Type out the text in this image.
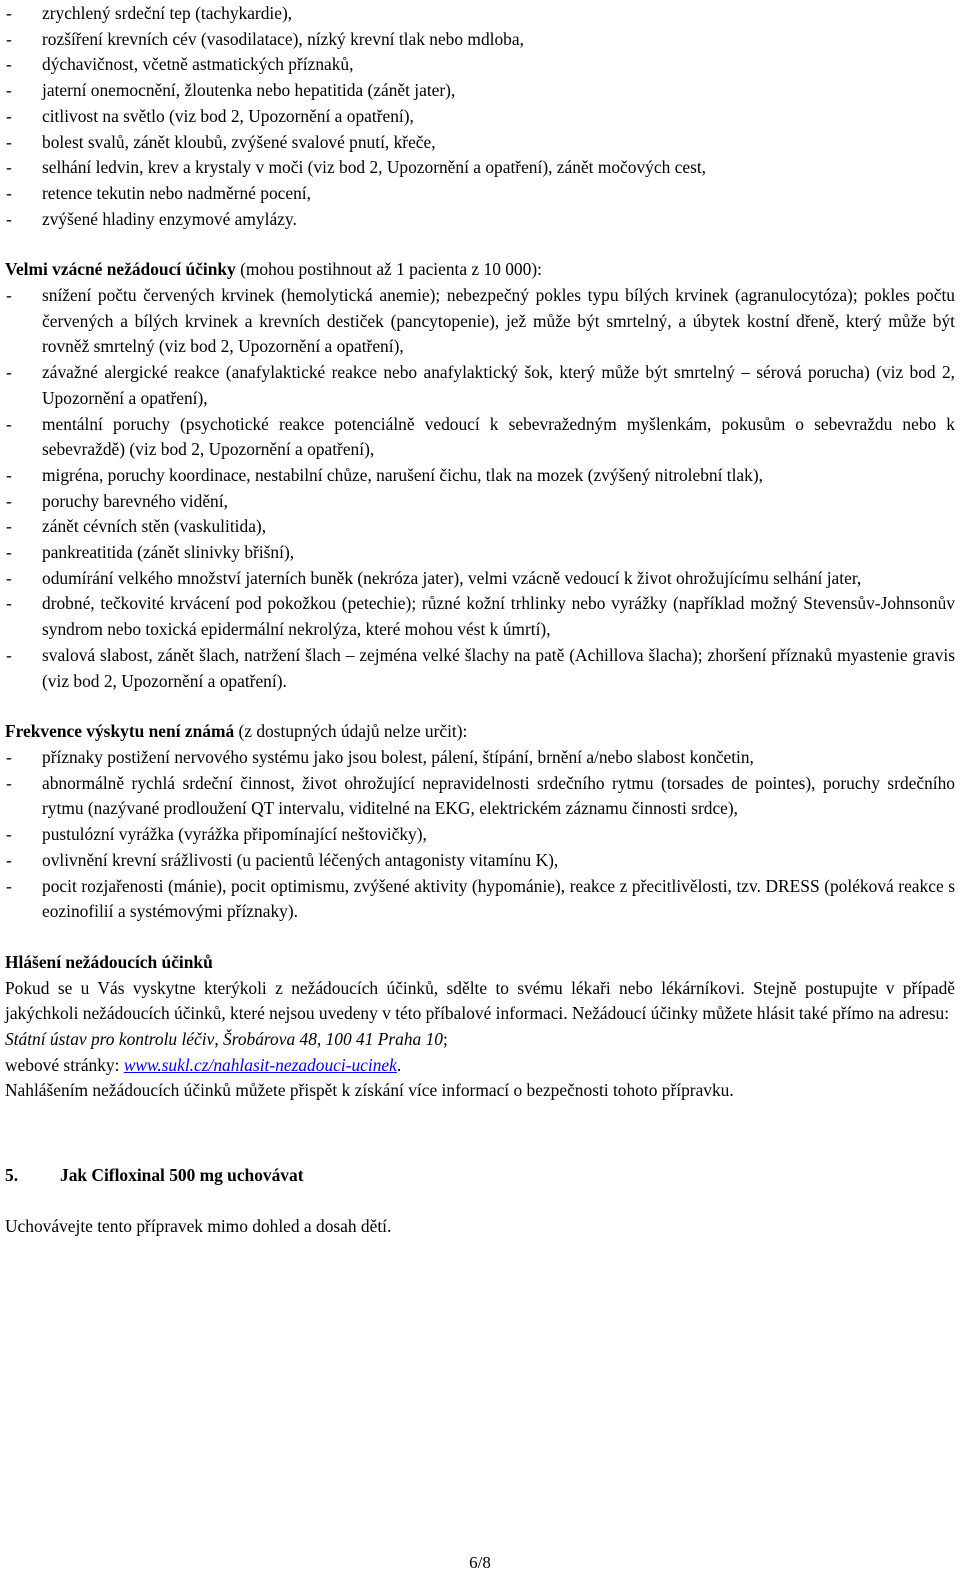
- zrychlený srdeční tep (tachykardie),
- rozšíření krevních cév (vasodilatace), nízký krevní tlak nebo mdloba,
- dýchavičnost, včetně astmatických příznaků,
- jaterní onemocnění, žloutenka nebo hepatitida (zánět jater),
- citlivost na světlo (viz bod 2, Upozornění a opatření),
- bolest svalů, zánět kloubů, zvýšené svalové pnutí, křeče,
- selhání ledvin, krev a krystaly v moči (viz bod 2, Upozornění a opatření), zánět močových cest,
- retence tekutin nebo nadměrné pocení,
- zvýšené hladiny enzymové amylázy.

Velmi vzácné nežádoucí účinky (mohou postihnout až 1 pacienta z 10 000):

- snížení počtu červených krvinek (hemolytická anemie); nebezpečný pokles typu bílých krvinek (agranulocytóza); pokles počtu červených a bílých krvinek a krevních destiček (pancytopenie), jež může být smrtelný, a úbytek kostní dřeně, který může být rovněž smrtelný (viz bod 2, Upozornění a opatření),
- závažné alergické reakce (anafylaktické reakce nebo anafylaktický šok, který může být smrtelný – sérová porucha) (viz bod 2, Upozornění a opatření),
- mentální poruchy (psychotické reakce potenciálně vedoucí k sebevražedným myšlenkám, pokusům o sebevraždu nebo k sebevraždě) (viz bod 2, Upozornění a opatření),
- migréna, poruchy koordinace, nestabilní chůze, narušení čichu, tlak na mozek (zvýšený nitrolební tlak),
- poruchy barevného vidění,
- zánět cévních stěn (vaskulitida),
- pankreatitida (zánět slinivky břišní),
- odumírání velkého množství jaterních buněk (nekróza jater), velmi vzácně vedoucí k život ohrožujícímu selhání jater,
- drobné, tečkovité krvácení pod pokožkou (petechie); různé kožní trhlinky nebo vyrážky (například možný Stevensův-Johnsonův syndrom nebo toxická epidermální nekrolýza, které mohou vést k úmrtí),
- svalová slabost, zánět šlach, natržení šlach – zejména velké šlachy na patě (Achillova šlacha); zhoršení příznaků myastenie gravis (viz bod 2, Upozornění a opatření).

Frekvence výskytu není známá (z dostupných údajů nelze určit):

- příznaky postižení nervového systému jako jsou bolest, pálení, štípání, brnění a/nebo slabost končetin,
- abnormálně rychlá srdeční činnost, život ohrožující nepravidelnosti srdečního rytmu (torsades de pointes), poruchy srdečního rytmu (nazývané prodloužení QT intervalu, viditelné na EKG, elektrickém záznamu činnosti srdce),
- pustulózní vyrážka (vyrážka připomínající neštovičky),
- ovlivnění krevní srážlivosti (u pacientů léčených antagonisty vitamínu K),
- pocit rozjařenosti (mánie), pocit optimismu, zvýšené aktivity (hypománie), reakce z přecitlivělosti, tzv. DRESS (poléková reakce s eozinofilií a systémovými příznaky).

Hlášení nežádoucích účinků

Pokud se u Vás vyskytne kterýkoli z nežádoucích účinků, sdělte to svému lékaři nebo lékárníkovi. Stejně postupujte v případě jakýchkoli nežádoucích účinků, které nejsou uvedeny v této příbalové informaci. Nežádoucí účinky můžete hlásit také přímo na adresu:

Státní ústav pro kontrolu léčiv, Šrobárova 48, 100 41 Praha 10;

webové stránky: www.sukl.cz/nahlasit-nezadouci-ucinek.

Nahlášením nežádoucích účinků můžete přispět k získání více informací o bezpečnosti tohoto přípravku.

5. Jak Cifloxinal 500 mg uchovávat

Uchovávejte tento přípravek mimo dohled a dosah dětí.

6/8
